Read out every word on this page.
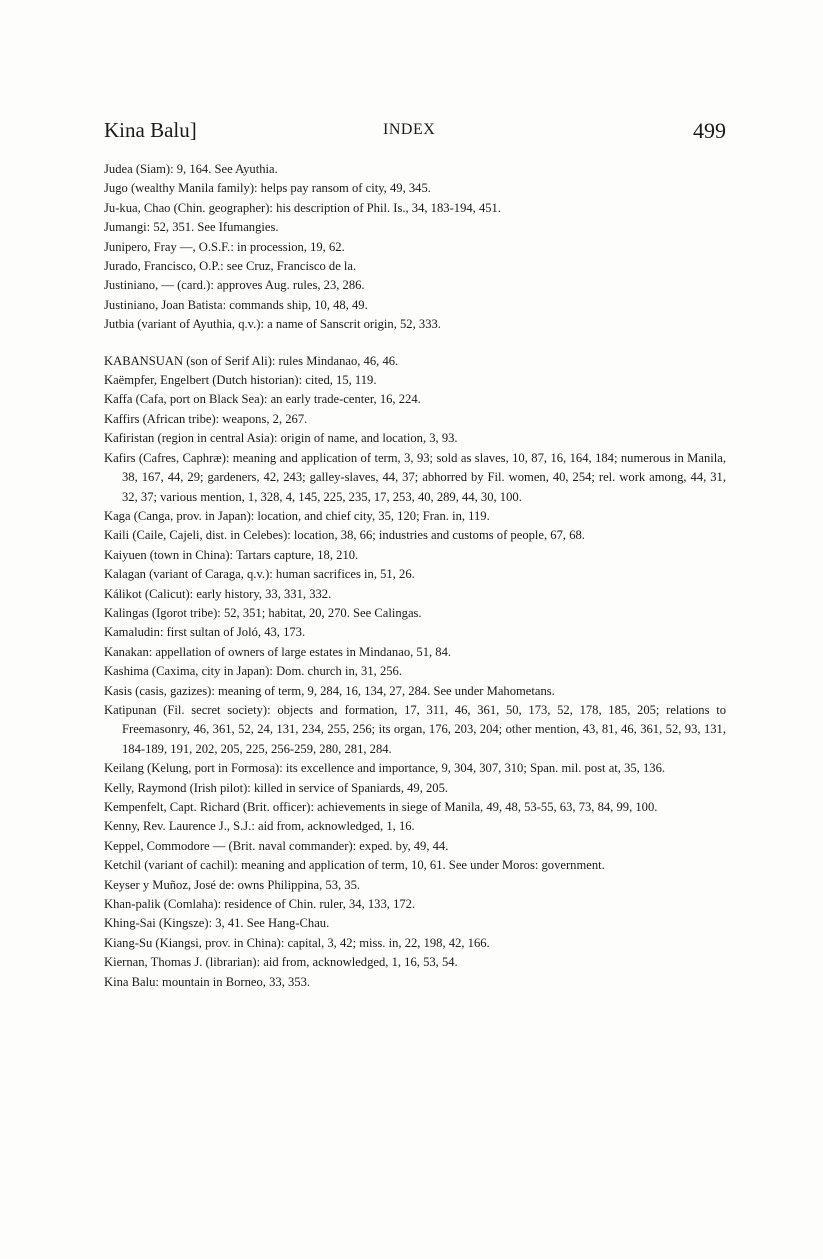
Kina Balu]	INDEX	499
Judea (Siam): 9, 164. See Ayuthia.
Jugo (wealthy Manila family): helps pay ransom of city, 49, 345.
Ju-kua, Chao (Chin. geographer): his description of Phil. Is., 34, 183-194, 451.
Jumangi: 52, 351. See Ifumangies.
Junipero, Fray —, O.S.F.: in procession, 19, 62.
Jurado, Francisco, O.P.: see Cruz, Francisco de la.
Justiniano, — (card.): approves Aug. rules, 23, 286.
Justiniano, Joan Batista: commands ship, 10, 48, 49.
Jutbia (variant of Ayuthia, q.v.): a name of Sanscrit origin, 52, 333.
KABANSUAN (son of Serif Ali): rules Mindanao, 46, 46.
Kaëmpfer, Engelbert (Dutch historian): cited, 15, 119.
Kaffa (Cafa, port on Black Sea): an early trade-center, 16, 224.
Kaffirs (African tribe): weapons, 2, 267.
Kafiristan (region in central Asia): origin of name, and location, 3, 93.
Kafirs (Cafres, Caphræ): meaning and application of term, 3, 93; sold as slaves, 10, 87, 16, 164, 184; numerous in Manila, 38, 167, 44, 29; gardeners, 42, 243; galley-slaves, 44, 37; abhorred by Fil. women, 40, 254; rel. work among, 44, 31, 32, 37; various mention, 1, 328, 4, 145, 225, 235, 17, 253, 40, 289, 44, 30, 100.
Kaga (Canga, prov. in Japan): location, and chief city, 35, 120; Fran. in, 119.
Kaili (Caile, Cajeli, dist. in Celebes): location, 38, 66; industries and customs of people, 67, 68.
Kaiyuen (town in China): Tartars capture, 18, 210.
Kalagan (variant of Caraga, q.v.): human sacrifices in, 51, 26.
Kálikot (Calicut): early history, 33, 331, 332.
Kalingas (Igorot tribe): 52, 351; habitat, 20, 270. See Calingas.
Kamaludin: first sultan of Joló, 43, 173.
Kanakan: appellation of owners of large estates in Mindanao, 51, 84.
Kashima (Caxima, city in Japan): Dom. church in, 31, 256.
Kasis (casis, gazizes): meaning of term, 9, 284, 16, 134, 27, 284. See under Mahometans.
Katipunan (Fil. secret society): objects and formation, 17, 311, 46, 361, 50, 173, 52, 178, 185, 205; relations to Freemasonry, 46, 361, 52, 24, 131, 234, 255, 256; its organ, 176, 203, 204; other mention, 43, 81, 46, 361, 52, 93, 131, 184-189, 191, 202, 205, 225, 256-259, 280, 281, 284.
Keilang (Kelung, port in Formosa): its excellence and importance, 9, 304, 307, 310; Span. mil. post at, 35, 136.
Kelly, Raymond (Irish pilot): killed in service of Spaniards, 49, 205.
Kempenfelt, Capt. Richard (Brit. officer): achievements in siege of Manila, 49, 48, 53-55, 63, 73, 84, 99, 100.
Kenny, Rev. Laurence J., S.J.: aid from, acknowledged, 1, 16.
Keppel, Commodore — (Brit. naval commander): exped. by, 49, 44.
Ketchil (variant of cachil): meaning and application of term, 10, 61. See under Moros: government.
Keyser y Muñoz, José de: owns Philippina, 53, 35.
Khan-palik (Comlaha): residence of Chin. ruler, 34, 133, 172.
Khing-Sai (Kingsze): 3, 41. See Hang-Chau.
Kiang-Su (Kiangsi, prov. in China): capital, 3, 42; miss. in, 22, 198, 42, 166.
Kiernan, Thomas J. (librarian): aid from, acknowledged, 1, 16, 53, 54.
Kina Balu: mountain in Borneo, 33, 353.
